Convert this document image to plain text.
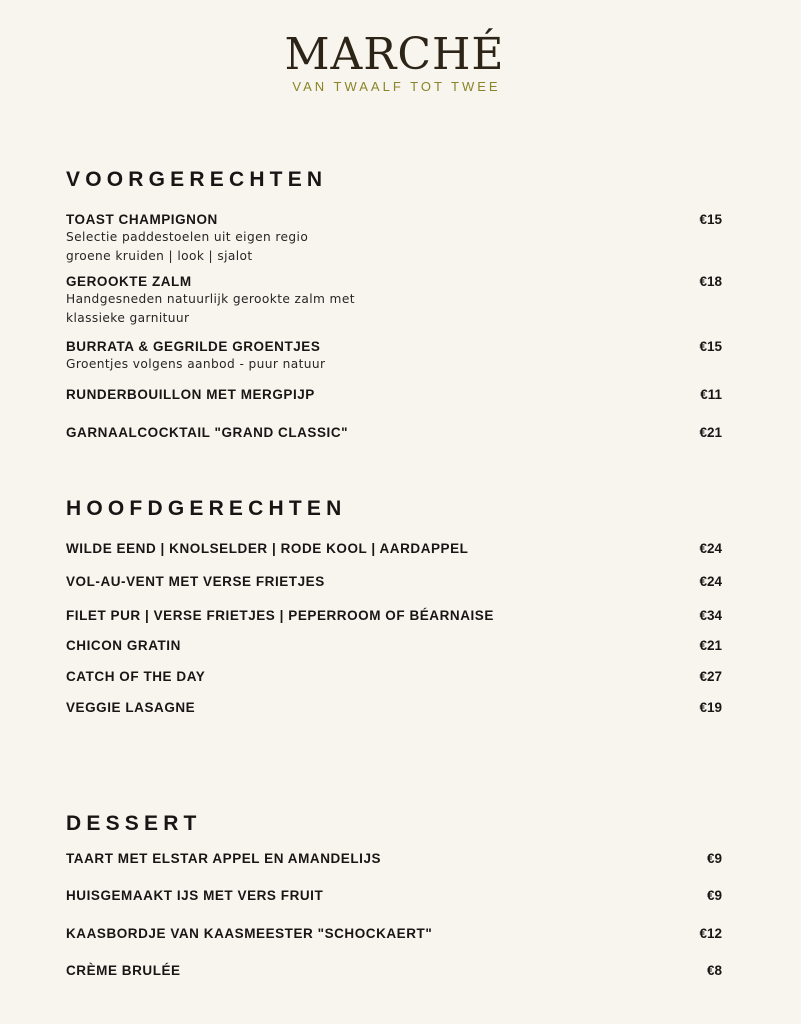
MARCHÉ
VAN TWAALF TOT TWEE
VOORGERECHTEN
TOAST CHAMPIGNON
Selectie paddestoelen uit eigen regio
groene kruiden | look | sjalot
€15
GEROOKTE ZALM
Handgesneden natuurlijk gerookte zalm met
klassieke garnituur
€18
BURRATA & GEGRILDE GROENTJES
Groentjes volgens aanbod - puur natuur
€15
RUNDERBOUILLON MET MERGPIJP	€11
GARNAALCOCKTAIL "GRAND CLASSIC"	€21
HOOFDGERECHTEN
WILDE EEND | KNOLSELDER | RODE KOOL | AARDAPPEL	€24
VOL-AU-VENT MET VERSE FRIETJES	€24
FILET PUR | VERSE FRIETJES | PEPERROOM OF BÉARNAISE	€34
CHICON GRATIN	€21
CATCH OF THE DAY	€27
VEGGIE LASAGNE	€19
DESSERT
TAART MET ELSTAR APPEL EN AMANDELIJS	€9
HUISGEMAAKT IJS MET VERS FRUIT	€9
KAASBORDJE VAN KAASMEESTER "SCHOCKAERT"	€12
CRÈME BRULÉE	€8
